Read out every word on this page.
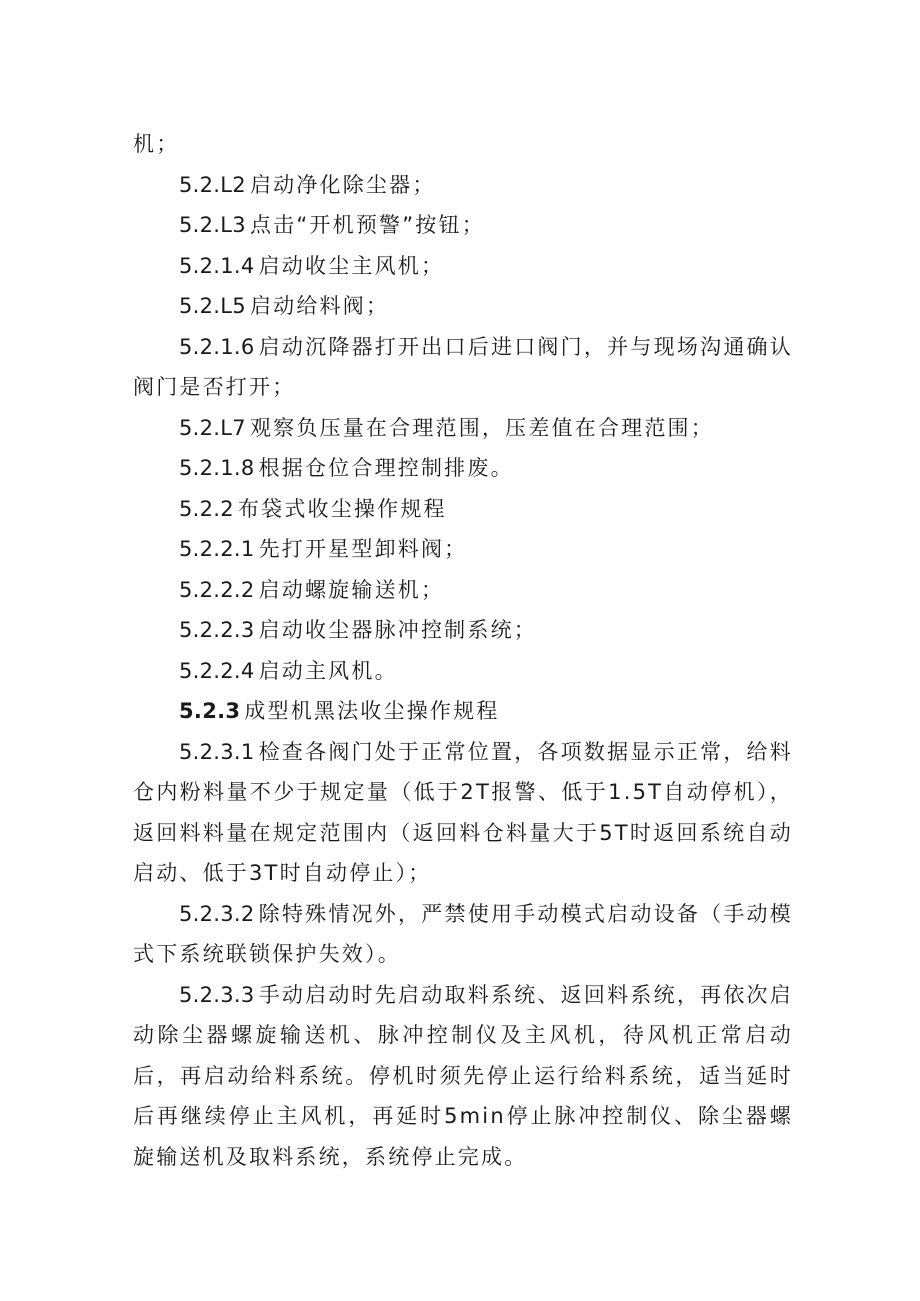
机；

5.2.L2 启动净化除尘器；

5.2.L3 点击“开机预警”按钮；

5.2.1.4 启动收尘主风机；

5.2.L5 启动给料阀；

5.2.1.6 启动沉降器打开出口后进口阀门，并与现场沟通确认阀门是否打开；

5.2.L7 观察负压量在合理范围，压差值在合理范围；

5.2.1.8 根据仓位合理控制排废。

5.2.2 布袋式收尘操作规程

5.2.2.1 先打开星型卸料阀；

5.2.2.2 启动螺旋输送机；

5.2.2.3 启动收尘器脉冲控制系统；

5.2.2.4 启动主风机。

5.2.3 成型机黑法收尘操作规程

5.2.3.1 检查各阀门处于正常位置，各项数据显示正常，给料仓内粉料量不少于规定量（低于2T报警、低于1.5T自动停机），返回料料量在规定范围内（返回料仓料量大于5T时返回系统自动启动、低于3T时自动停止）；

5.2.3.2 除特殊情况外，严禁使用手动模式启动设备（手动模式下系统联锁保护失效）。

5.2.3.3 手动启动时先启动取料系统、返回料系统，再依次启动除尘器螺旋输送机、脉冲控制仪及主风机，待风机正常启动后，再启动给料系统。停机时须先停止运行给料系统，适当延时后再继续停止主风机，再延时5min停止脉冲控制仪、除尘器螺旋输送机及取料系统，系统停止完成。
